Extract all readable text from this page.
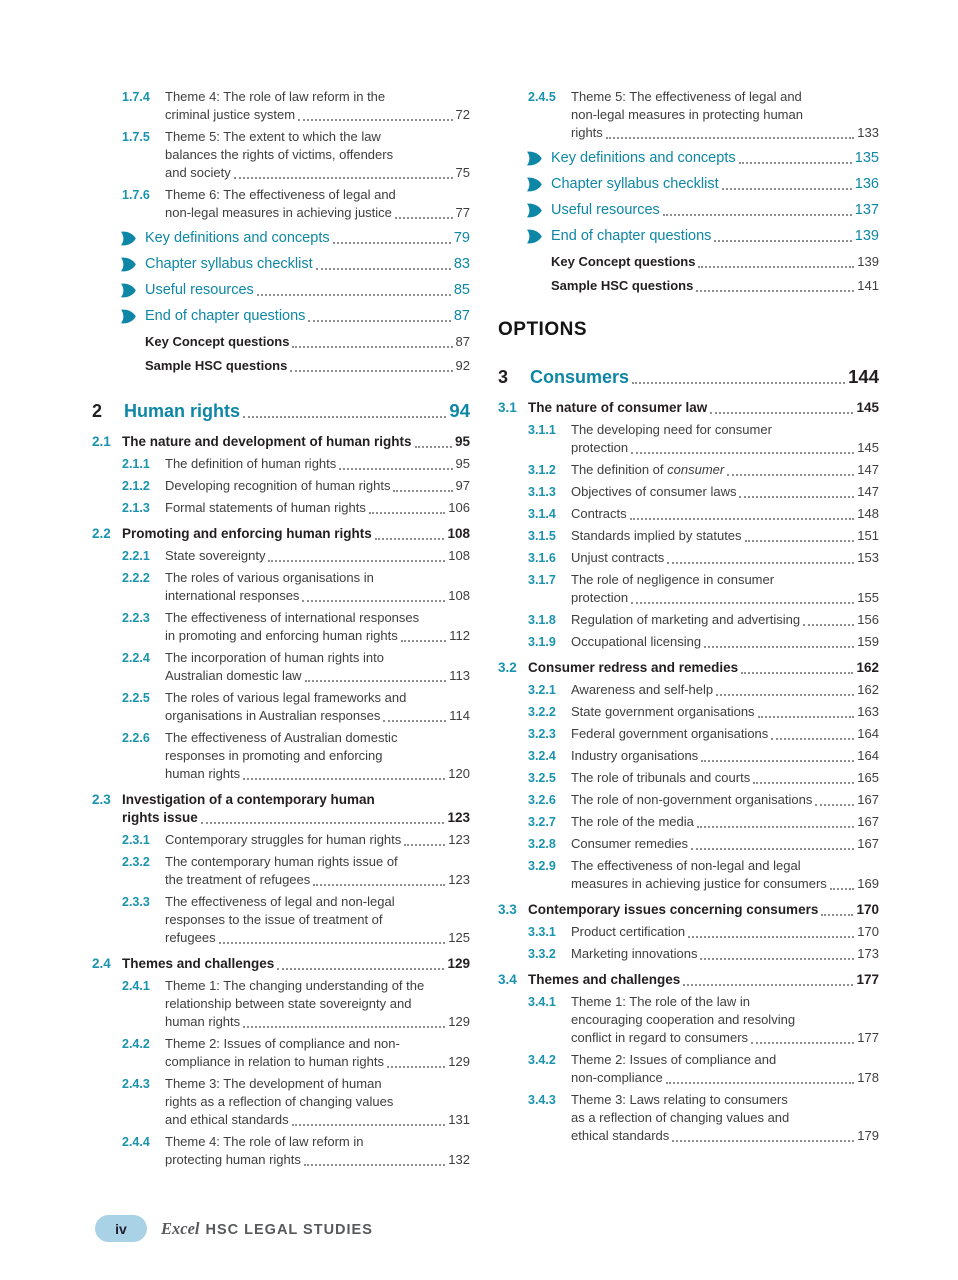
1.7.4	Theme 4: The role of law reform in the
criminal justice system	72
1.7.5	Theme 5: The extent to which the law
balances the rights of victims, offenders
and society	75
1.7.6	Theme 6: The effectiveness of legal and
non-legal measures in achieving justice	77
Key definitions and concepts	79
Chapter syllabus checklist	83
Useful resources	85
End of chapter questions	87
Key Concept questions	87
Sample HSC questions	92
2	Human rights	94
2.1 The nature and development of human rights	95
2.1.1	The definition of human rights	95
2.1.2	Developing recognition of human rights	97
2.1.3	Formal statements of human rights	106
2.2 Promoting and enforcing human rights	108
2.2.1	State sovereignty	108
2.2.2	The roles of various organisations in
international responses	108
2.2.3	The effectiveness of international responses
in promoting and enforcing human rights	112
2.2.4	The incorporation of human rights into
Australian domestic law	113
2.2.5	The roles of various legal frameworks and
organisations in Australian responses	114
2.2.6	The effectiveness of Australian domestic
responses in promoting and enforcing
human rights	120
2.3 Investigation of a contemporary human
rights issue	123
2.3.1	Contemporary struggles for human rights	123
2.3.2	The contemporary human rights issue of
the treatment of refugees	123
2.3.3	The effectiveness of legal and non-legal
responses to the issue of treatment of
refugees	125
2.4 Themes and challenges	129
2.4.1	Theme 1: The changing understanding of the
relationship between state sovereignty and
human rights	129
2.4.2	Theme 2: Issues of compliance and non-
compliance in relation to human rights	129
2.4.3	Theme 3: The development of human
rights as a reflection of changing values
and ethical standards	131
2.4.4	Theme 4: The role of law reform in
protecting human rights	132
2.4.5	Theme 5: The effectiveness of legal and
non-legal measures in protecting human
rights	133
Key definitions and concepts	135
Chapter syllabus checklist	136
Useful resources	137
End of chapter questions	139
Key Concept questions	139
Sample HSC questions	141
OPTIONS
3	Consumers	144
3.1 The nature of consumer law	145
3.1.1	The developing need for consumer
protection	145
3.1.2	The definition of consumer	147
3.1.3	Objectives of consumer laws	147
3.1.4	Contracts	148
3.1.5	Standards implied by statutes	151
3.1.6	Unjust contracts	153
3.1.7	The role of negligence in consumer
protection	155
3.1.8	Regulation of marketing and advertising	156
3.1.9	Occupational licensing	159
3.2 Consumer redress and remedies	162
3.2.1	Awareness and self-help	162
3.2.2	State government organisations	163
3.2.3	Federal government organisations	164
3.2.4	Industry organisations	164
3.2.5	The role of tribunals and courts	165
3.2.6	The role of non-government organisations	167
3.2.7	The role of the media	167
3.2.8	Consumer remedies	167
3.2.9	The effectiveness of non-legal and legal
measures in achieving justice for consumers 169
3.3 Contemporary issues concerning consumers	170
3.3.1	Product certification	170
3.3.2	Marketing innovations	173
3.4 Themes and challenges	177
3.4.1	Theme 1: The role of the law in
encouraging cooperation and resolving
conflict in regard to consumers	177
3.4.2	Theme 2: Issues of compliance and
non-compliance	178
3.4.3	Theme 3: Laws relating to consumers
as a reflection of changing values and
ethical standards	179
iv Excel HSC LEGAL STUDIES
